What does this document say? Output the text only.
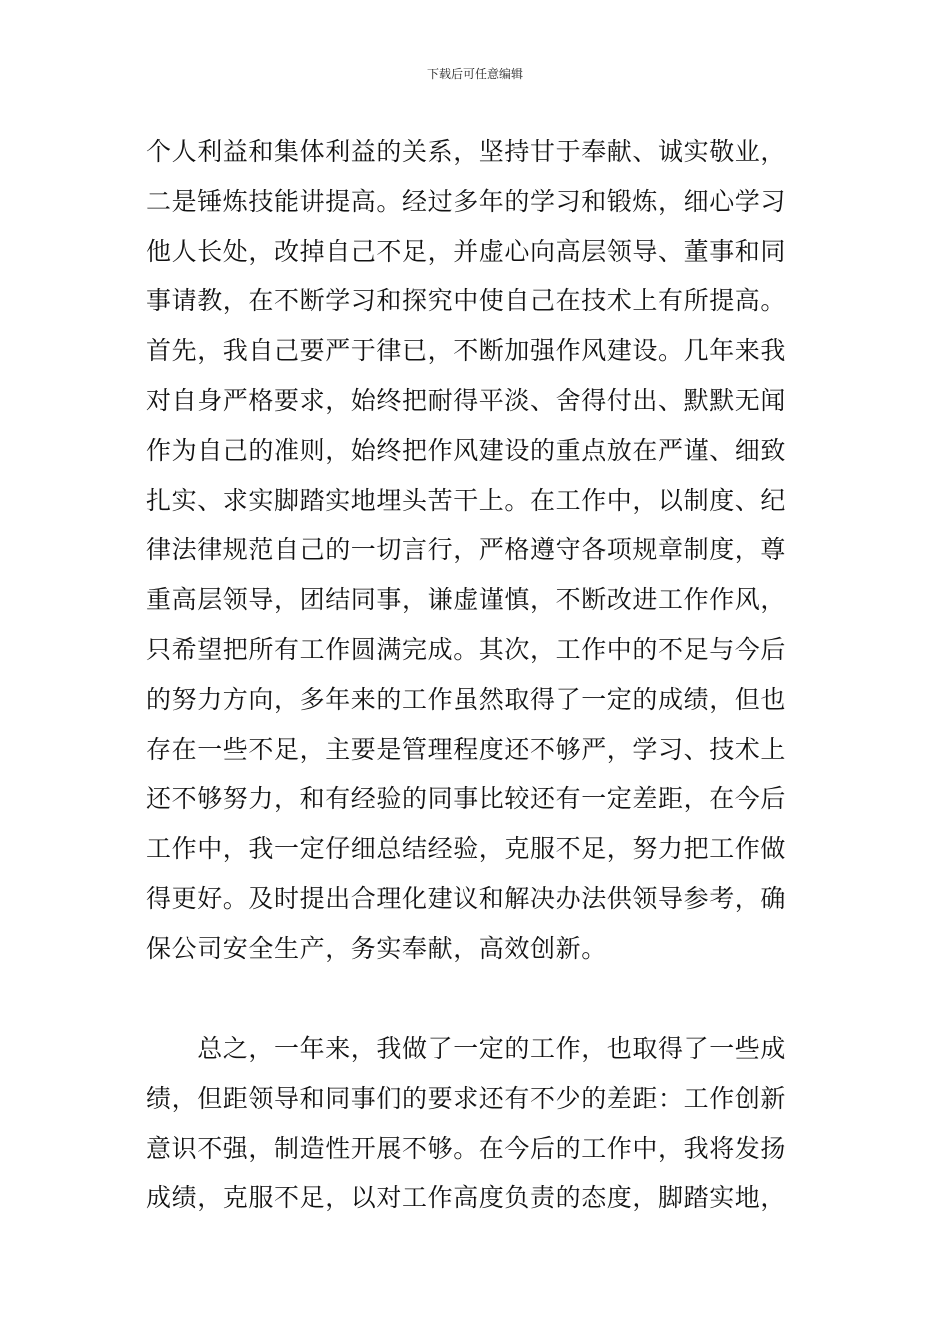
下载后可任意编辑
个人利益和集体利益的关系，坚持甘于奉献、诚实敬业，
二是锤炼技能讲提高。经过多年的学习和锻炼，细心学习
他人长处，改掉自己不足，并虚心向高层领导、董事和同
事请教，在不断学习和探究中使自己在技术上有所提高。
首先，我自己要严于律已，不断加强作风建设。几年来我
对自身严格要求，始终把耐得平淡、舍得付出、默默无闻
作为自己的准则，始终把作风建设的重点放在严谨、细致
扎实、求实脚踏实地埋头苦干上。在工作中，以制度、纪
律法律规范自己的一切言行，严格遵守各项规章制度，尊
重高层领导，团结同事，谦虚谨慎，不断改进工作作风，
只希望把所有工作圆满完成。其次，工作中的不足与今后
的努力方向，多年来的工作虽然取得了一定的成绩，但也
存在一些不足，主要是管理程度还不够严，学习、技术上
还不够努力，和有经验的同事比较还有一定差距，在今后
工作中，我一定仔细总结经验，克服不足，努力把工作做
得更好。及时提出合理化建议和解决办法供领导参考，确
保公司安全生产，务实奉献，高效创新。
　　总之，一年来，我做了一定的工作，也取得了一些成
绩，但距领导和同事们的要求还有不少的差距：工作创新
意识不强，制造性开展不够。在今后的工作中，我将发扬
成绩，克服不足，以对工作高度负责的态度，脚踏实地，
